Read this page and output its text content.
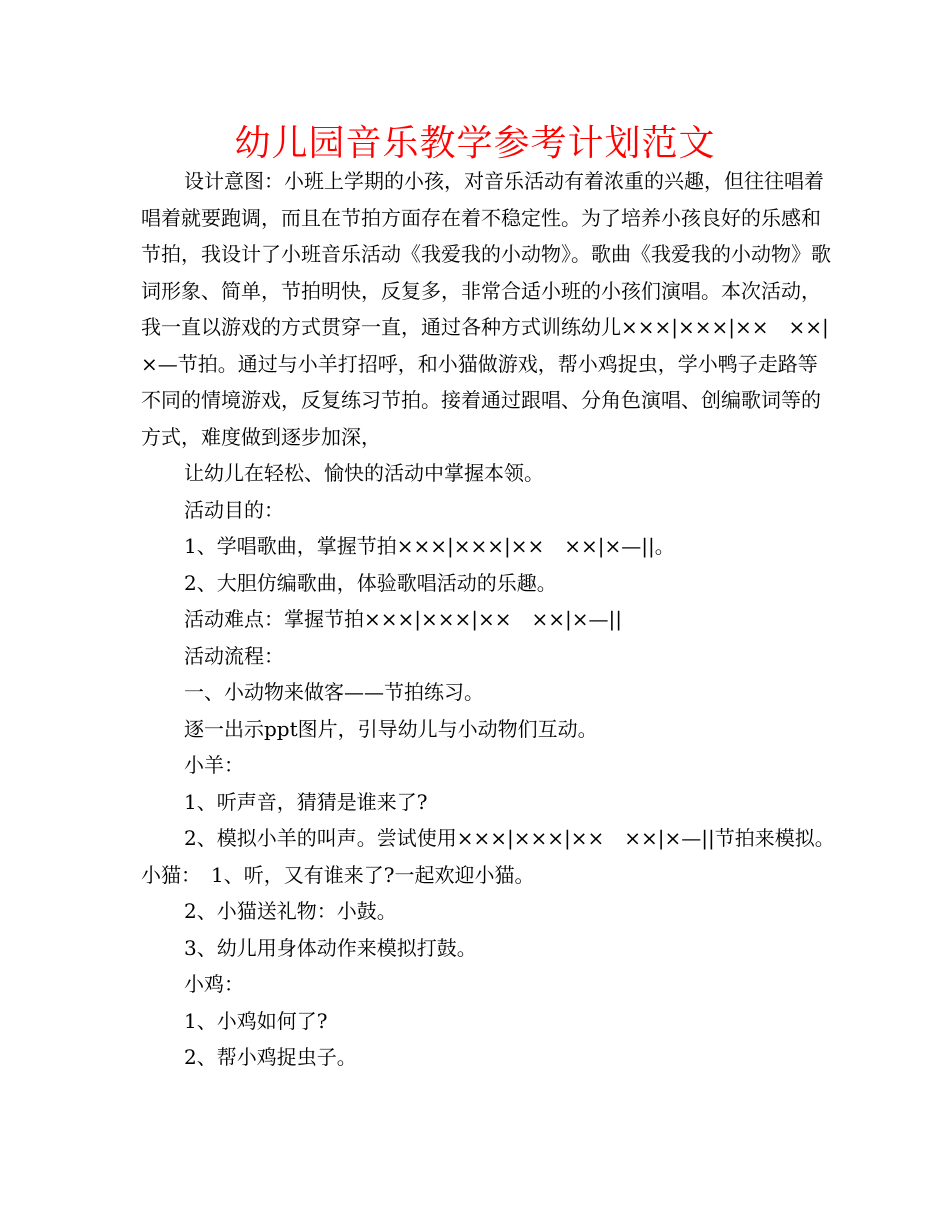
幼儿园音乐教学参考计划范文

设计意图：小班上学期的小孩，对音乐活动有着浓重的兴趣，但往往唱着唱着就要跑调，而且在节拍方面存在着不稳定性。为了培养小孩良好的乐感和节拍，我设计了小班音乐活动《我爱我的小动物》。歌曲《我爱我的小动物》歌词形象、简单，节拍明快，反复多，非常合适小班的小孩们演唱。本次活动，我一直以游戏的方式贯穿一直，通过各种方式训练幼儿×××|×××|××　××|×—节拍。通过与小羊打招呼，和小猫做游戏，帮小鸡捉虫，学小鸭子走路等不同的情境游戏，反复练习节拍。接着通过跟唱、分角色演唱、创编歌词等的方式，难度做到逐步加深，

让幼儿在轻松、愉快的活动中掌握本领。

活动目的：

1、学唱歌曲，掌握节拍×××|×××|××　××|×—||。

2、大胆仿编歌曲，体验歌唱活动的乐趣。

活动难点：掌握节拍×××|×××|××　××|×—||

活动流程：

一、小动物来做客——节拍练习。

逐一出示ppt图片，引导幼儿与小动物们互动。

小羊：

1、听声音，猜猜是谁来了?

2、模拟小羊的叫声。尝试使用×××|×××|××　××|×—||节拍来模拟。　小猫：　1、听，又有谁来了?一起欢迎小猫。

2、小猫送礼物：小鼓。

3、幼儿用身体动作来模拟打鼓。

小鸡：

1、小鸡如何了?

2、帮小鸡捉虫子。
